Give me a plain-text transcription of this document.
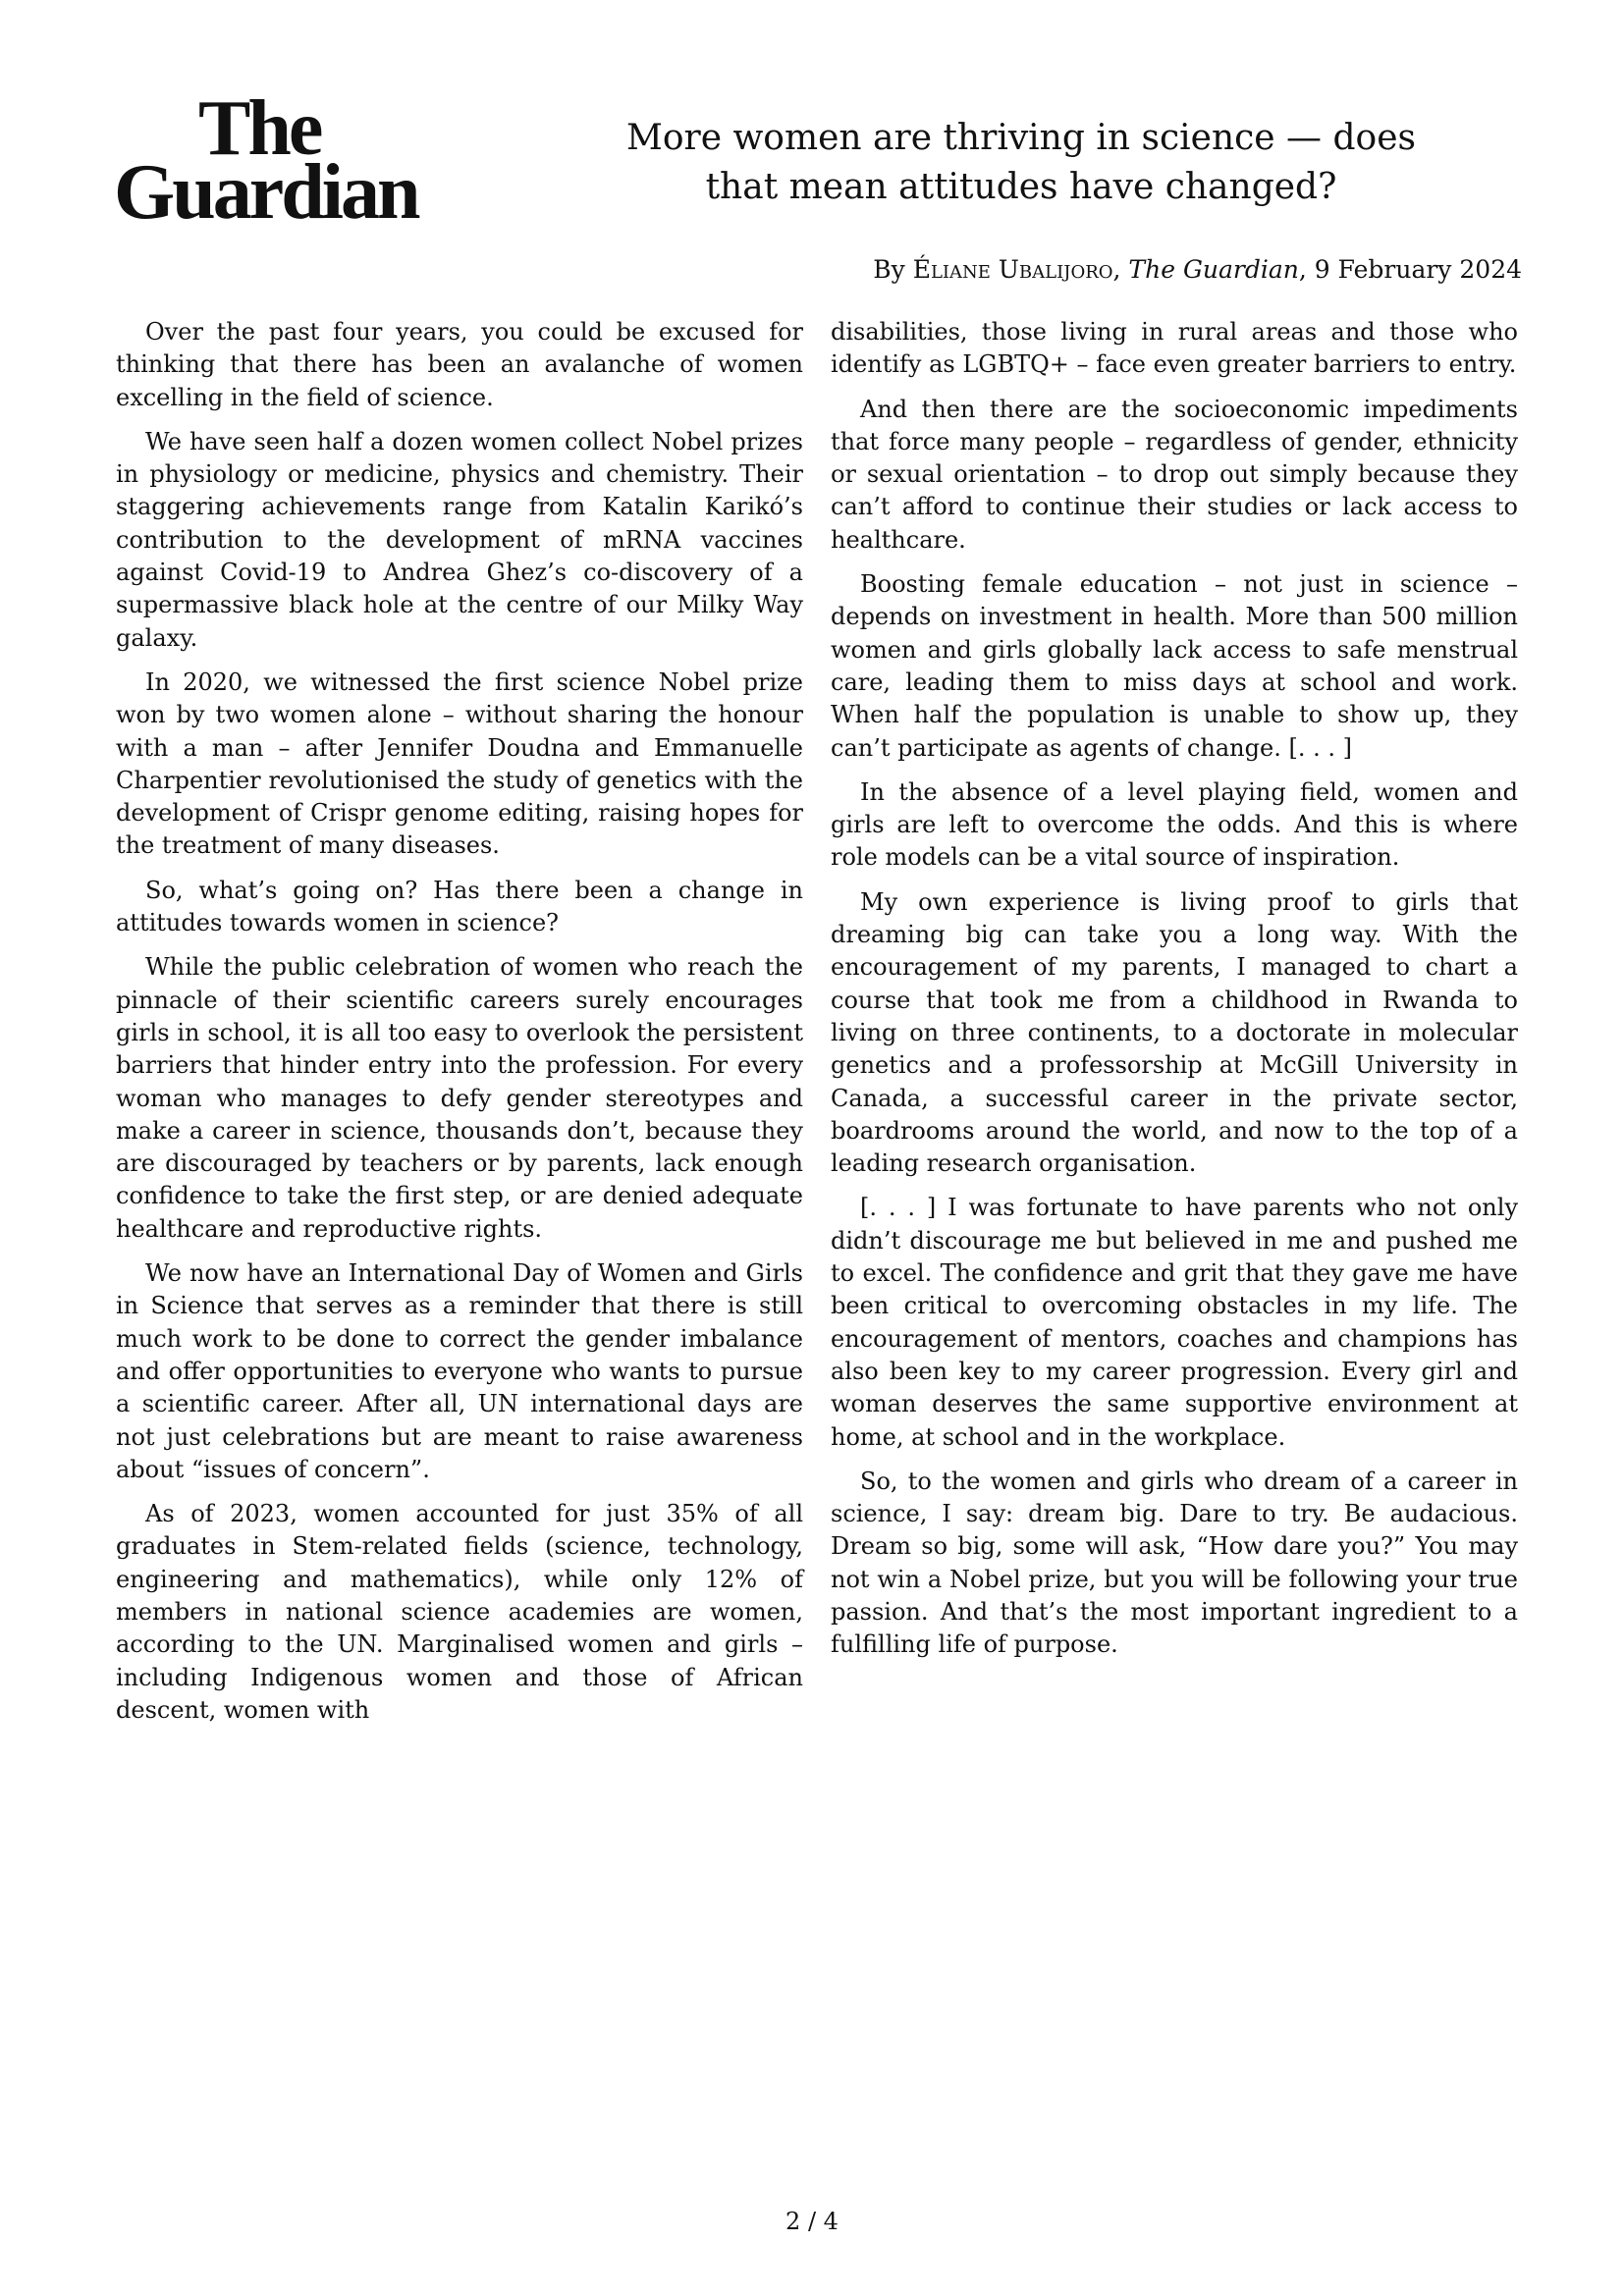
The
Guardian
More women are thriving in science — does
that mean attitudes have changed?
By Éliane Ubalijoro, The Guardian, 9 February 2024

Over the past four years, you could be excused for thinking that there has been an avalanche of women excelling in the field of science.

We have seen half a dozen women collect Nobel prizes in physiology or medicine, physics and chemistry. Their staggering achievements range from Katalin Karikó’s contribution to the development of mRNA vaccines against Covid-19 to Andrea Ghez’s co-discovery of a supermassive black hole at the centre of our Milky Way galaxy.

In 2020, we witnessed the first science Nobel prize won by two women alone – without sharing the honour with a man – after Jennifer Doudna and Emmanuelle Charpentier revolutionised the study of genetics with the development of Crispr genome editing, raising hopes for the treatment of many diseases.

So, what’s going on? Has there been a change in attitudes towards women in science?

While the public celebration of women who reach the pinnacle of their scientific careers surely encourages girls in school, it is all too easy to overlook the persistent barriers that hinder entry into the profession. For every woman who manages to defy gender stereotypes and make a career in science, thousands don’t, because they are discouraged by teachers or by parents, lack enough confidence to take the first step, or are denied adequate healthcare and reproductive rights.

We now have an International Day of Women and Girls in Science that serves as a reminder that there is still much work to be done to correct the gender imbalance and offer opportunities to everyone who wants to pursue a scientific career. After all, UN international days are not just celebrations but are meant to raise awareness about “issues of concern”.

As of 2023, women accounted for just 35% of all graduates in Stem-related fields (science, technology, engineering and mathematics), while only 12% of members in national science academies are women, according to the UN. Marginalised women and girls – including Indigenous women and those of African descent, women with

disabilities, those living in rural areas and those who identify as LGBTQ+ – face even greater barriers to entry.

And then there are the socioeconomic impediments that force many people – regardless of gender, ethnicity or sexual orientation – to drop out simply because they can’t afford to continue their studies or lack access to healthcare.

Boosting female education – not just in science – depends on investment in health. More than 500 million women and girls globally lack access to safe menstrual care, leading them to miss days at school and work. When half the population is unable to show up, they can’t participate as agents of change. [. . . ]

In the absence of a level playing field, women and girls are left to overcome the odds. And this is where role models can be a vital source of inspiration.

My own experience is living proof to girls that dreaming big can take you a long way. With the encouragement of my parents, I managed to chart a course that took me from a childhood in Rwanda to living on three continents, to a doctorate in molecular genetics and a professorship at McGill University in Canada, a successful career in the private sector, boardrooms around the world, and now to the top of a leading research organisation.

[. . . ] I was fortunate to have parents who not only didn’t discourage me but believed in me and pushed me to excel. The confidence and grit that they gave me have been critical to overcoming obstacles in my life. The encouragement of mentors, coaches and champions has also been key to my career progression. Every girl and woman deserves the same supportive environment at home, at school and in the workplace.

So, to the women and girls who dream of a career in science, I say: dream big. Dare to try. Be audacious. Dream so big, some will ask, “How dare you?” You may not win a Nobel prize, but you will be following your true passion. And that’s the most important ingredient to a fulfilling life of purpose.

2 / 4
